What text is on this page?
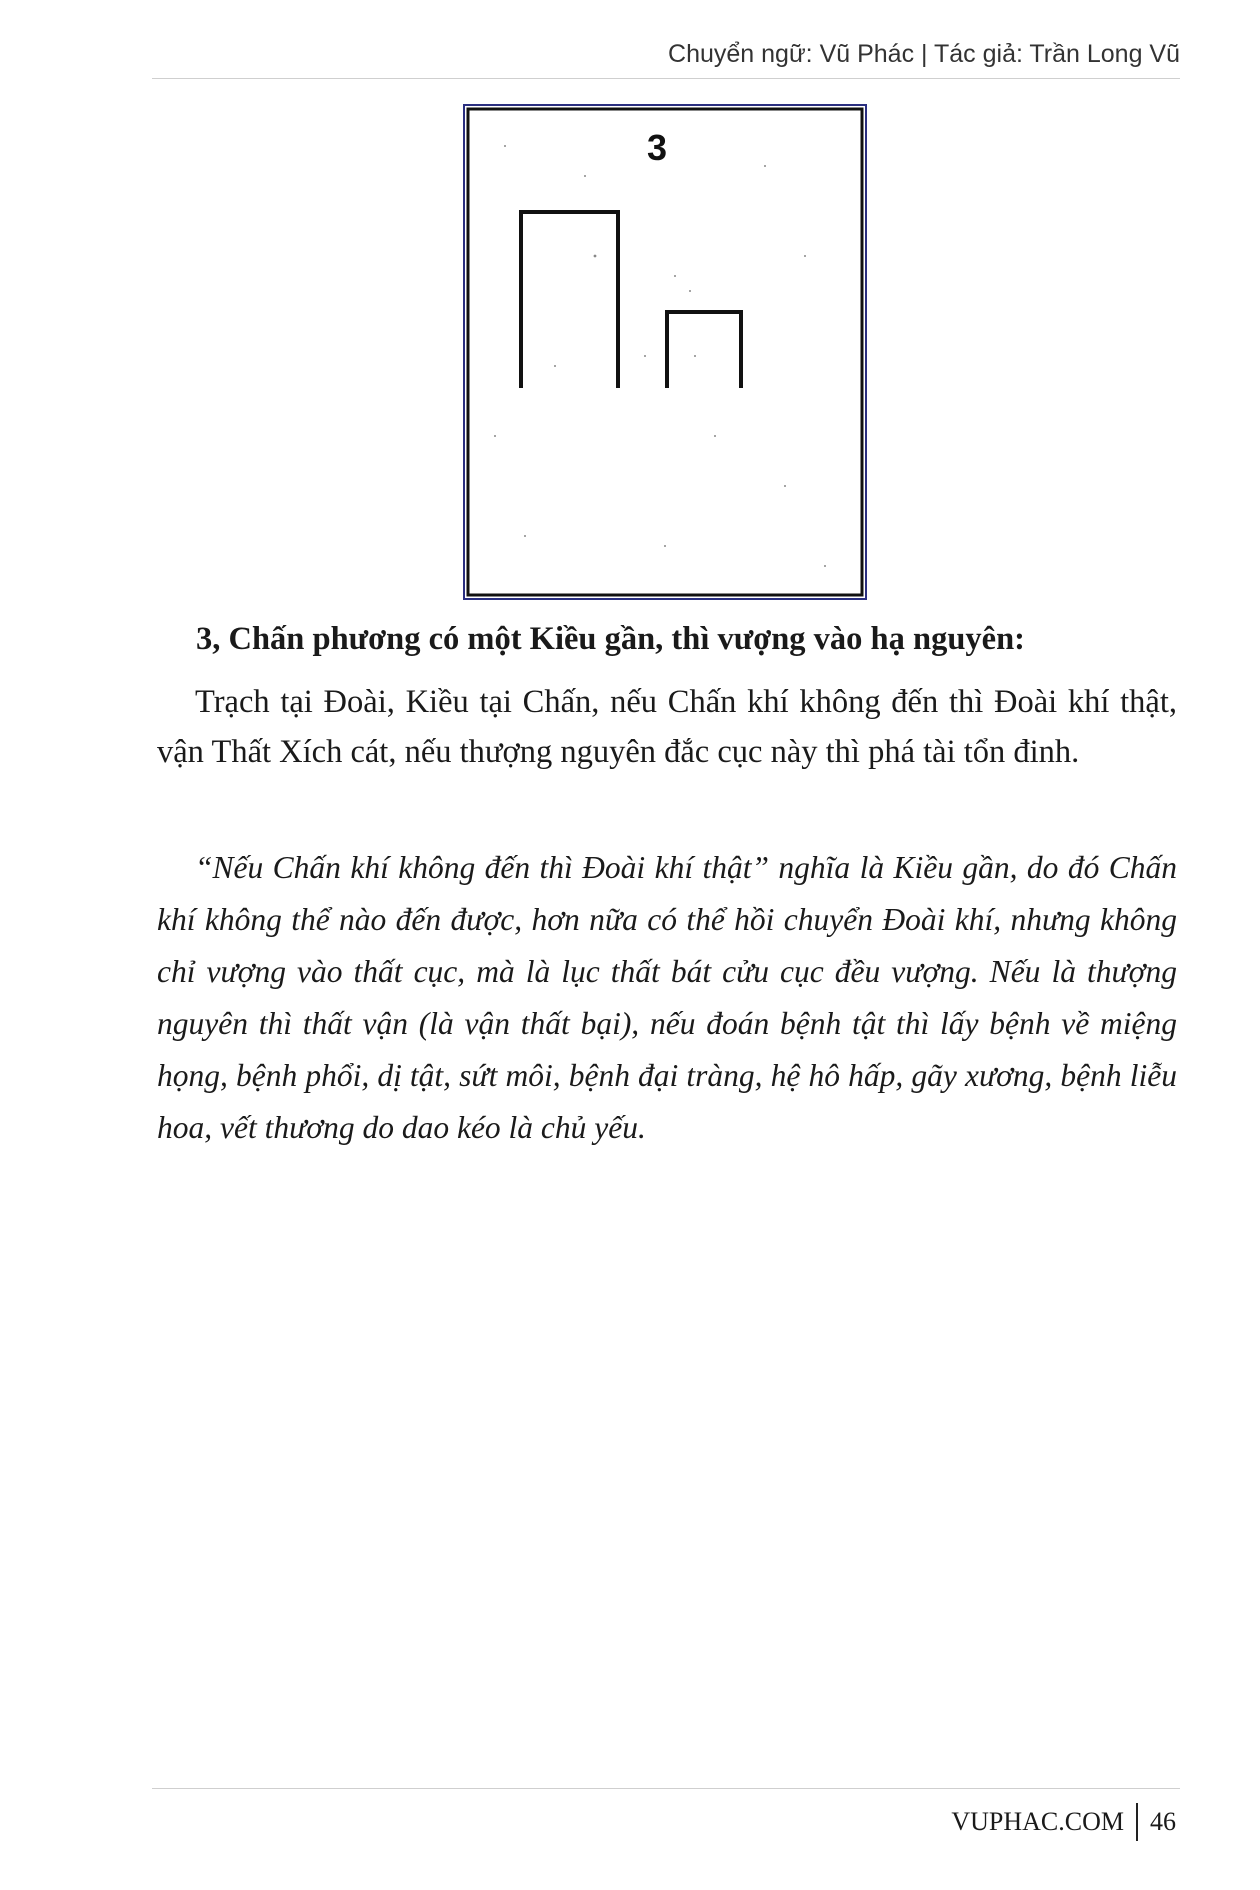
Chuyển ngữ: Vũ Phác | Tác giả: Trần Long Vũ
3
3, Chấn phương có một Kiều gần, thì vượng vào hạ nguyên:

Trạch tại Đoài, Kiều tại Chấn, nếu Chấn khí không đến thì Đoài khí thật, vận Thất Xích cát, nếu thượng nguyên đắc cục này thì phá tài tổn đinh.

“Nếu Chấn khí không đến thì Đoài khí thật” nghĩa là Kiều gần, do đó Chấn khí không thể nào đến được, hơn nữa có thể hồi chuyển Đoài khí, nhưng không chỉ vượng vào thất cục, mà là lục thất bát cửu cục đều vượng. Nếu là thượng nguyên thì thất vận (là vận thất bại), nếu đoán bệnh tật thì lấy bệnh về miệng họng, bệnh phổi, dị tật, sứt môi, bệnh đại tràng, hệ hô hấp, gãy xương, bệnh liễu hoa, vết thương do dao kéo là chủ yếu.

VUPHAC.COM 46
